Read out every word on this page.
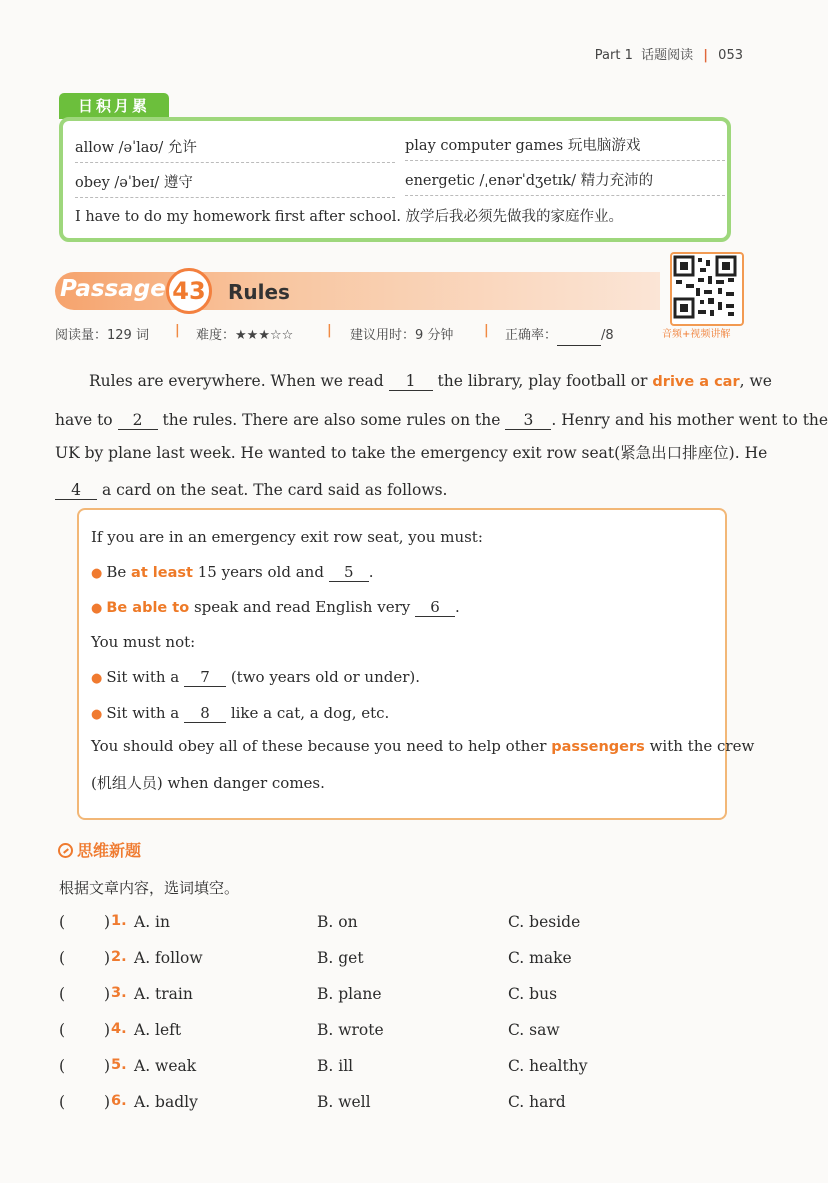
Part 1 话题阅读 | 053
日积月累
allow /əˈlaʊ/ 允许	play computer games 玩电脑游戏
obey /əˈbeɪ/ 遵守	energetic /ˌenərˈdʒetɪk/ 精力充沛的
I have to do my homework first after school. 放学后我必须先做我的家庭作业。
Passage 43	Rules
音频+视频讲解
阅读量：129 词 | 难度：★★★☆☆	| 建议用时：9 分钟 | 正确率：	/8
Rules are everywhere. When we read 1 the library, play football or drive a car, we
have to 2 the rules. There are also some rules on the 3 . Henry and his mother went to the
UK by plane last week. He wanted to take the emergency exit row seat(紧急出口排座位). He
4 a card on the seat. The card said as follows.
If you are in an emergency exit row seat, you must:
● Be at least 15 years old and 5 .
● Be able to speak and read English very 6 .
You must not:
● Sit with a 7 (two years old or under).
● Sit with a 8 like a cat, a dog, etc.
You should obey all of these because you need to help other passengers with the crew
(机组人员) when danger comes.
思维新题
根据文章内容，选词填空。
(	) 1. A. in	B. on	C. beside
(	) 2. A. follow	B. get	C. make
(	) 3. A. train	B. plane	C. bus
(	) 4. A. left	B. wrote	C. saw
(	) 5. A. weak	B. ill	C. healthy
(	) 6. A. badly	B. well	C. hard
